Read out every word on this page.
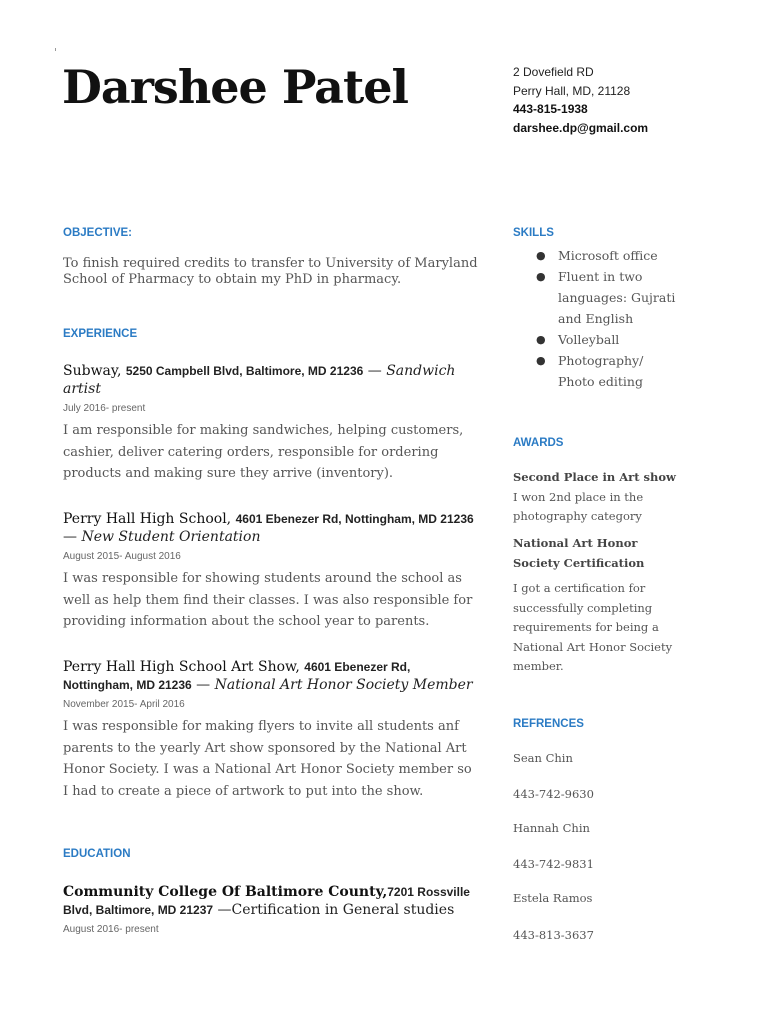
Darshee Patel	2 Dovefield RD
Perry Hall, MD, 21128
443-815-1938
darshee.dp@gmail.com
OBJECTIVE:
To finish required credits to transfer to University of Maryland School of Pharmacy to obtain my PhD in pharmacy.
EXPERIENCE
Subway, 5250 Campbell Blvd, Baltimore, MD 21236 — Sandwich artist
July 2016- present
I am responsible for making sandwiches, helping customers, cashier, deliver catering orders, responsible for ordering products and making sure they arrive (inventory).
Perry Hall High School, 4601 Ebenezer Rd, Nottingham, MD 21236 — New Student Orientation
August 2015- August 2016
I was responsible for showing students around the school as well as help them find their classes. I was also responsible for providing information about the school year to parents.
Perry Hall High School Art Show, 4601 Ebenezer Rd, Nottingham, MD 21236 — National Art Honor Society Member
November 2015- April 2016
I was responsible for making flyers to invite all students anf parents to the yearly Art show sponsored by the National Art Honor Society. I was a National Art Honor Society member so I had to create a piece of artwork to put into the show.
EDUCATION
Community College Of Baltimore County,7201 Rossville Blvd, Baltimore, MD 21237 —Certification in General studies
August 2016- present
SKILLS
● Microsoft office
● Fluent in two languages: Gujrati and English
● Volleyball
● Photography/ Photo editing
AWARDS
Second Place in Art show I won 2nd place in the photography category
National Art Honor Society Certification
I got a certification for successfully completing requirements for being a National Art Honor Society member.
REFRENCES
Sean Chin
443-742-9630
Hannah Chin
443-742-9831
Estela Ramos
443-813-3637
